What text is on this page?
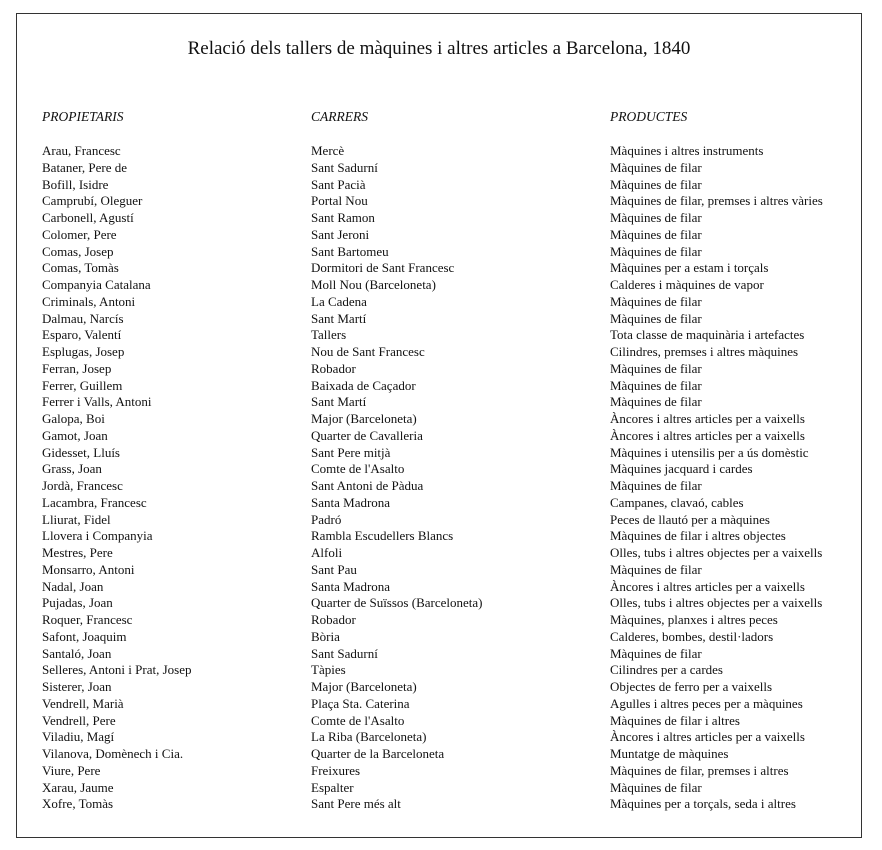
Relació dels tallers de màquines i altres articles a Barcelona, 1840
PROPIETARIS
Arau, Francesc
Bataner, Pere de
Bofill, Isidre
Camprubí, Oleguer
Carbonell, Agustí
Colomer, Pere
Comas, Josep
Comas, Tomàs
Companyia Catalana
Criminals, Antoni
Dalmau, Narcís
Esparo, Valentí
Esplugas, Josep
Ferran, Josep
Ferrer, Guillem
Ferrer i Valls, Antoni
Galopa, Boi
Gamot, Joan
Gidesset, Lluís
Grass, Joan
Jordà, Francesc
Lacambra, Francesc
Lliurat, Fidel
Llovera i Companyia
Mestres, Pere
Monsarro, Antoni
Nadal, Joan
Pujadas, Joan
Roquer, Francesc
Safont, Joaquim
Santaló, Joan
Selleres, Antoni i Prat, Josep
Sisterer, Joan
Vendrell, Marià
Vendrell, Pere
Viladiu, Magí
Vilanova, Domènech i Cia.
Viure, Pere
Xarau, Jaume
Xofre, Tomàs
CARRERS
Mercè
Sant Sadurní
Sant Pacià
Portal Nou
Sant Ramon
Sant Jeroni
Sant Bartomeu
Dormitori de Sant Francesc
Moll Nou (Barceloneta)
La Cadena
Sant Martí
Tallers
Nou de Sant Francesc
Robador
Baixada de Caçador
Sant Martí
Major (Barceloneta)
Quarter de Cavalleria
Sant Pere mitjà
Comte de l'Asalto
Sant Antoni de Pàdua
Santa Madrona
Padró
Rambla Escudellers Blancs
Alfoli
Sant Pau
Santa Madrona
Quarter de Suïssos (Barceloneta)
Robador
Bòria
Sant Sadurní
Tàpies
Major (Barceloneta)
Plaça Sta. Caterina
Comte de l'Asalto
La Riba (Barceloneta)
Quarter de la Barceloneta
Freixures
Espalter
Sant Pere més alt
PRODUCTES
Màquines i altres instruments
Màquines de filar
Màquines de filar
Màquines de filar, premses i altres vàries
Màquines de filar
Màquines de filar
Màquines de filar
Màquines per a estam i torçals
Calderes i màquines de vapor
Màquines de filar
Màquines de filar
Tota classe de maquinària i artefactes
Cilindres, premses i altres màquines
Màquines de filar
Màquines de filar
Màquines de filar
Àncores i altres articles per a vaixells
Àncores i altres articles per a vaixells
Màquines i utensilis per a ús domèstic
Màquines jacquard i cardes
Màquines de filar
Campanes, clavaó, cables
Peces de llautó per a màquines
Màquines de filar i altres objectes
Olles, tubs i altres objectes per a vaixells
Màquines de filar
Àncores i altres articles per a vaixells
Olles, tubs i altres objectes per a vaixells
Màquines, planxes i altres peces
Calderes, bombes, destil·ladors
Màquines de filar
Cilindres per a cardes
Objectes de ferro per a vaixells
Agulles i altres peces per a màquines
Màquines de filar i altres
Àncores i altres articles per a vaixells
Muntatge de màquines
Màquines de filar, premses i altres
Màquines de filar
Màquines per a torçals, seda i altres
